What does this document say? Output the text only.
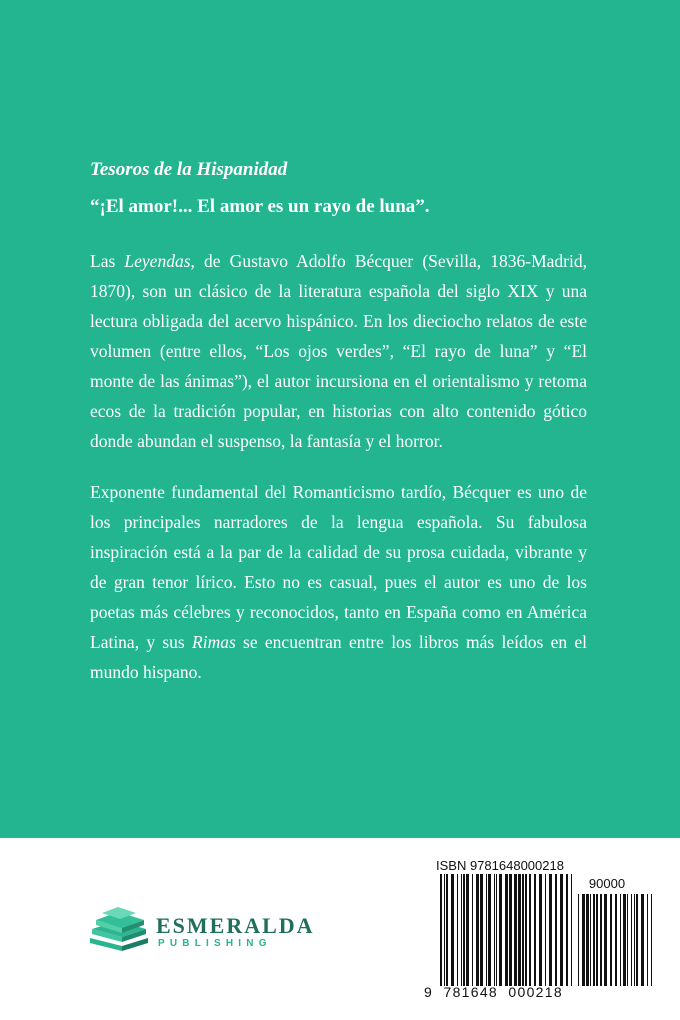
Tesoros de la Hispanidad

“¡El amor!... El amor es un rayo de luna”.

Las Leyendas, de Gustavo Adolfo Bécquer (Sevilla, 1836-Madrid, 1870), son un clásico de la literatura española del siglo XIX y una lectura obligada del acervo hispánico. En los dieciocho relatos de este volumen (entre ellos, “Los ojos verdes”, “El rayo de luna” y “El monte de las ánimas”), el autor incursiona en el orientalismo y retoma ecos de la tradición popular, en historias con alto contenido gótico donde abundan el suspenso, la fantasía y el horror.

Exponente fundamental del Romanticismo tardío, Bécquer es uno de los principales narradores de la lengua española. Su fabulosa inspiración está a la par de la calidad de su prosa cuidada, vibrante y de gran tenor lírico. Esto no es casual, pues el autor es uno de los poetas más célebres y reconocidos, tanto en España como en América Latina, y sus Rimas se encuentran entre los libros más leídos en el mundo hispano.

ESMERALDA
PUBLISHING
ISBN 9781648000218
90000
9 781648 000218
